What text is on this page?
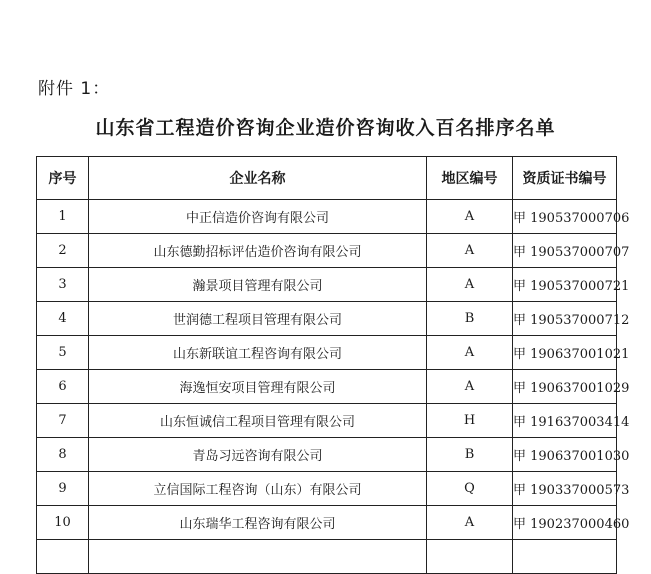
附件 1：
山东省工程造价咨询企业造价咨询收入百名排序名单
序号	企业名称	地区编号	资质证书编号
1	中正信造价咨询有限公司	A	甲 190537000706
2	山东德勤招标评估造价咨询有限公司	A	甲 190537000707
3	瀚景项目管理有限公司	A	甲 190537000721
4	世润德工程项目管理有限公司	B	甲 190537000712
5	山东新联谊工程咨询有限公司	A	甲 190637001021
6	海逸恒安项目管理有限公司	A	甲 190637001029
7	山东恒诚信工程项目管理有限公司	H	甲 191637003414
8	青岛习远咨询有限公司	B	甲 190637001030
9	立信国际工程咨询（山东）有限公司	Q	甲 190337000573
10	山东瑞华工程咨询有限公司	A	甲 190237000460
